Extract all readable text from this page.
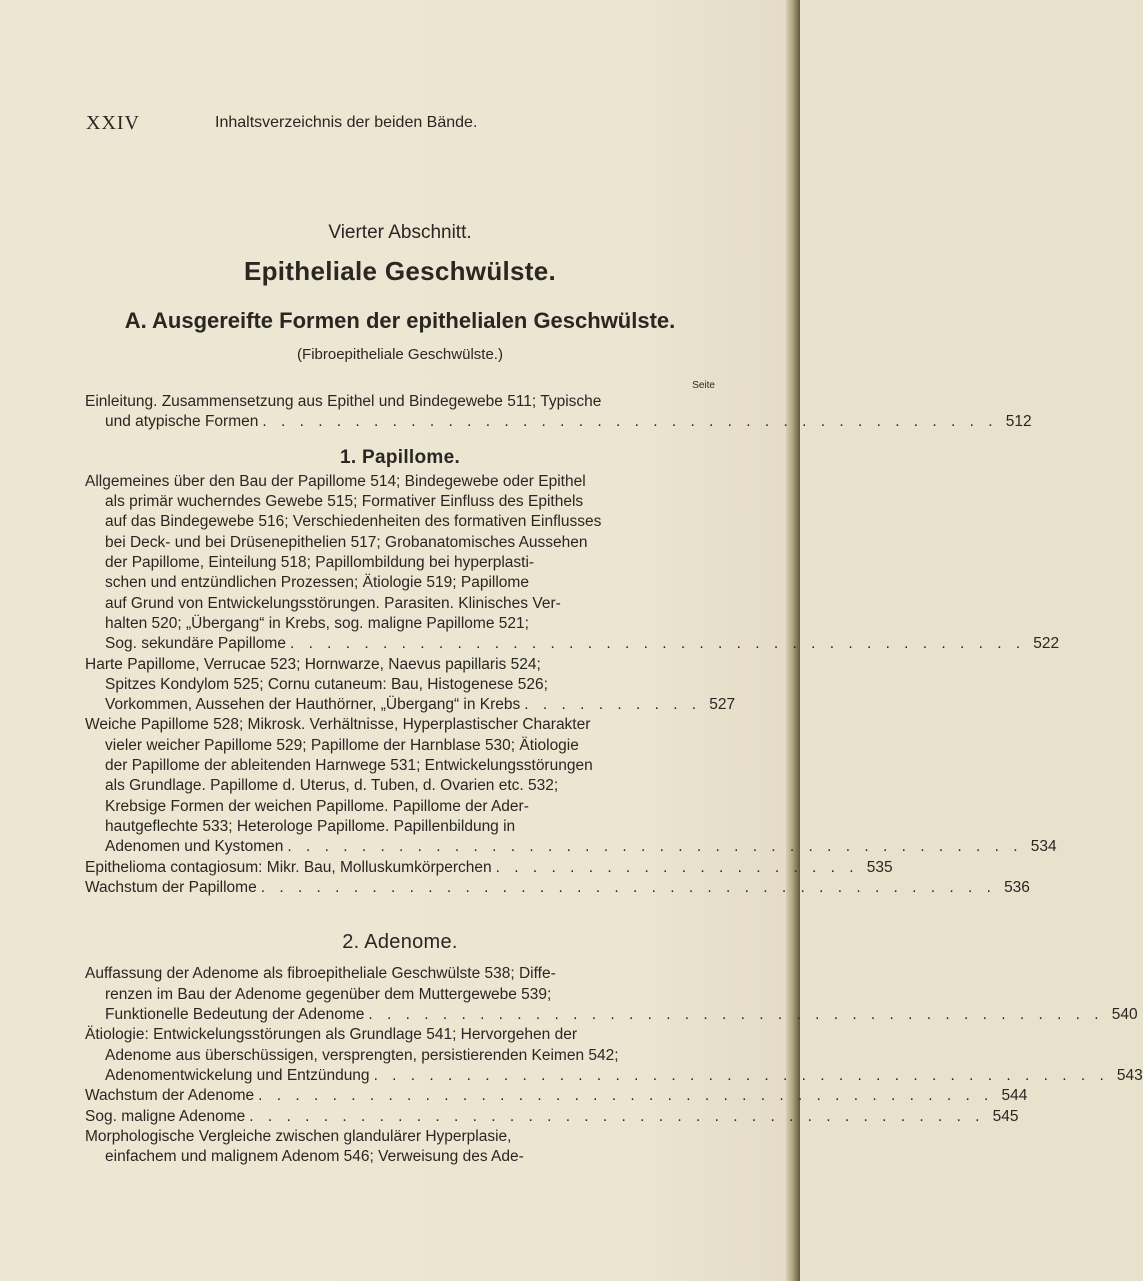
XXIV	Inhaltsverzeichnis der beiden Bände.
Vierter Abschnitt.
Epitheliale Geschwülste.
A. Ausgereifte Formen der epithelialen Geschwülste.
(Fibroepitheliale Geschwülste.)
Seite
Einleitung. Zusammensetzung aus Epithel und Bindegewebe 511; Typische
und atypische Formen . . . . . . . . . . . . . . . . . . . . . . . . . . . . . . . . . . . . . . . . 512
1. Papillome.
Allgemeines über den Bau der Papillome 514; Bindegewebe oder Epithel
als primär wucherndes Gewebe 515; Formativer Einfluss des Epithels
auf das Bindegewebe 516; Verschiedenheiten des formativen Einflusses
bei Deck- und bei Drüsenepithelien 517; Grobanatomisches Aussehen
der Papillome, Einteilung 518; Papillombildung bei hyperplasti-
schen und entzündlichen Prozessen; Ätiologie 519; Papillome
auf Grund von Entwickelungsstörungen. Parasiten. Klinisches Ver-
halten 520; „Übergang“ in Krebs, sog. maligne Papillome 521;
Sog. sekundäre Papillome . . . . . . . . . . . . . . . . . . . . . . . . . . . . . . . . . . . . . . . . 522
Harte Papillome, Verrucae 523; Hornwarze, Naevus papillaris 524;
Spitzes Kondylom 525; Cornu cutaneum: Bau, Histogenese 526;
Vorkommen, Aussehen der Hauthörner, „Übergang“ in Krebs . . . . . . . . . . 527
Weiche Papillome 528; Mikrosk. Verhältnisse, Hyperplastischer Charakter
vieler weicher Papillome 529; Papillome der Harnblase 530; Ätiologie
der Papillome der ableitenden Harnwege 531; Entwickelungsstörungen
als Grundlage. Papillome d. Uterus, d. Tuben, d. Ovarien etc. 532;
Krebsige Formen der weichen Papillome. Papillome der Ader-
hautgeflechte 533; Heterologe Papillome. Papillenbildung in
Adenomen und Kystomen . . . . . . . . . . . . . . . . . . . . . . . . . . . . . . . . . . . . . . . . 534
Epithelioma contagiosum: Mikr. Bau, Molluskumkörperchen . . . . . . . . . . . . . . . . . . . . 535
Wachstum der Papillome . . . . . . . . . . . . . . . . . . . . . . . . . . . . . . . . . . . . . . . . 536
2. Adenome.
Auffassung der Adenome als fibroepitheliale Geschwülste 538; Diffe-
renzen im Bau der Adenome gegenüber dem Muttergewebe 539;
Funktionelle Bedeutung der Adenome . . . . . . . . . . . . . . . . . . . . . . . . . . . . . . . . . . . . . . . . 540
Ätiologie: Entwickelungsstörungen als Grundlage 541; Hervorgehen der
Adenome aus überschüssigen, versprengten, persistierenden Keimen 542;
Adenomentwickelung und Entzündung . . . . . . . . . . . . . . . . . . . . . . . . . . . . . . . . . . . . . . . . 543
Wachstum der Adenome . . . . . . . . . . . . . . . . . . . . . . . . . . . . . . . . . . . . . . . . 544
Sog. maligne Adenome . . . . . . . . . . . . . . . . . . . . . . . . . . . . . . . . . . . . . . . . 545
Morphologische Vergleiche zwischen glandulärer Hyperplasie,
einfachem und malignem Adenom 546; Verweisung des Ade-
